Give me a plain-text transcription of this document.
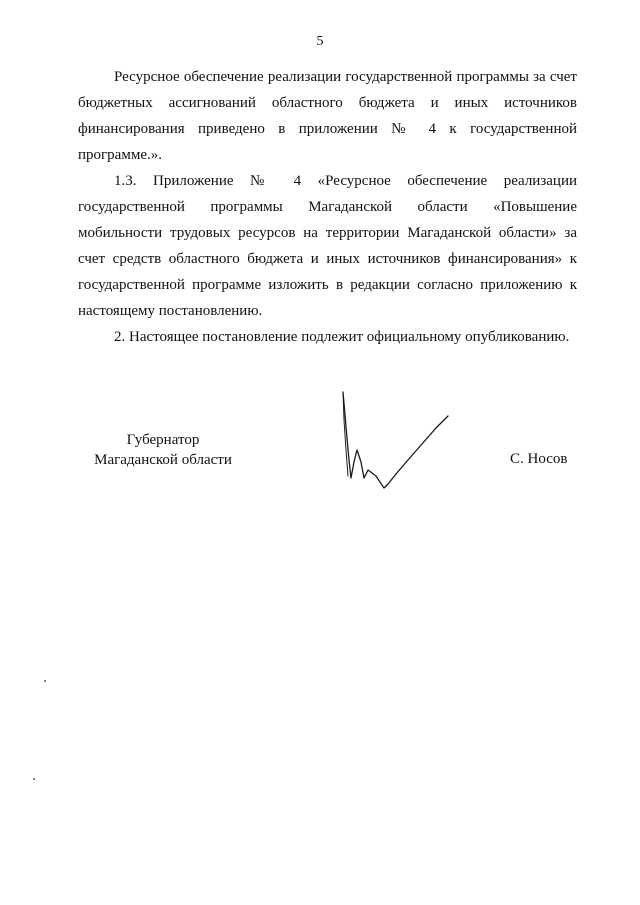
5

Ресурсное обеспечение реализации государственной программы за счет бюджетных ассигнований областного бюджета и иных источников финансирования приведено в приложении № 4 к государственной программе.».

1.3. Приложение № 4 «Ресурсное обеспечение реализации государственной программы Магаданской области «Повышение мобильности трудовых ресурсов на территории Магаданской области» за счет средств областного бюджета и иных источников финансирования» к государственной программе изложить в редакции согласно приложению к настоящему постановлению.

2. Настоящее постановление подлежит официальному опубликованию.

Губернатор
Магаданской области	С. Носов
